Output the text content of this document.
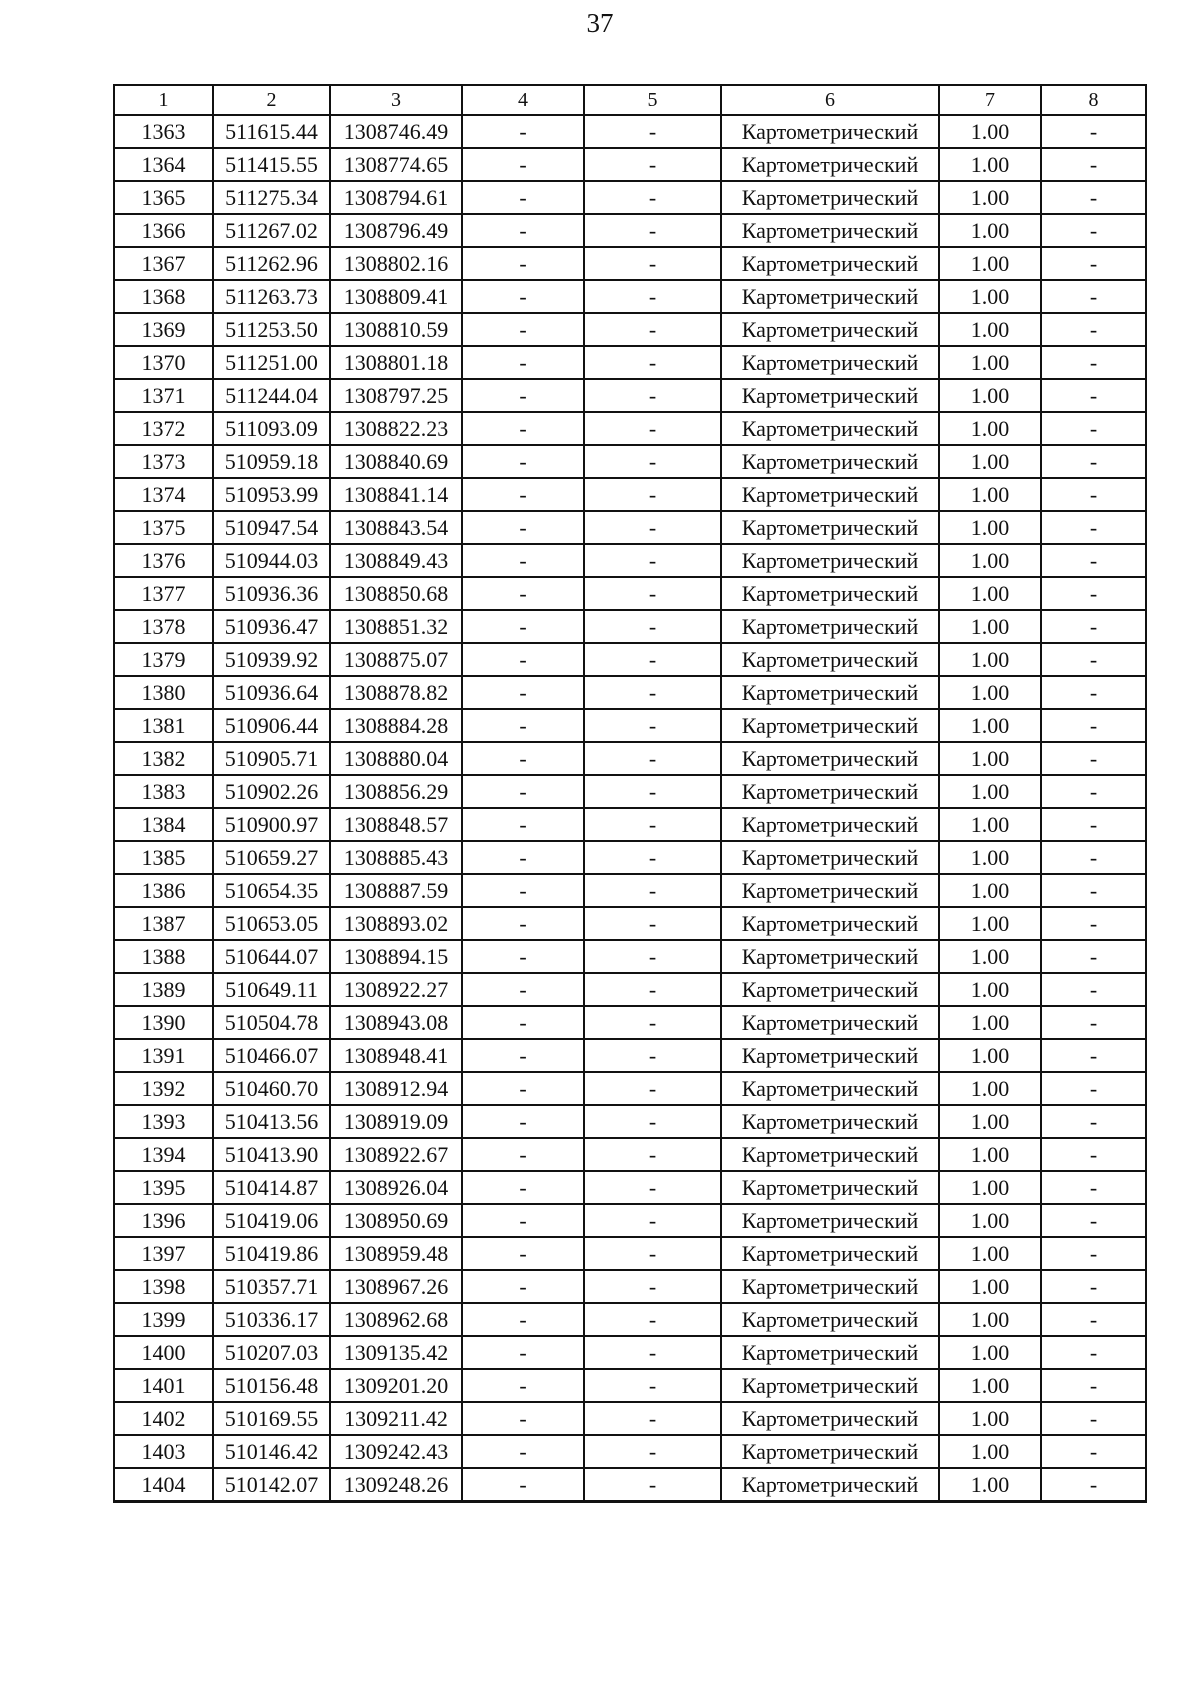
37
1	2	3	4	5	6	7	8
1363	511615.44	1308746.49	-	-	Картометрический	1.00	-
1364	511415.55	1308774.65	-	-	Картометрический	1.00	-
1365	511275.34	1308794.61	-	-	Картометрический	1.00	-
1366	511267.02	1308796.49	-	-	Картометрический	1.00	-
1367	511262.96	1308802.16	-	-	Картометрический	1.00	-
1368	511263.73	1308809.41	-	-	Картометрический	1.00	-
1369	511253.50	1308810.59	-	-	Картометрический	1.00	-
1370	511251.00	1308801.18	-	-	Картометрический	1.00	-
1371	511244.04	1308797.25	-	-	Картометрический	1.00	-
1372	511093.09	1308822.23	-	-	Картометрический	1.00	-
1373	510959.18	1308840.69	-	-	Картометрический	1.00	-
1374	510953.99	1308841.14	-	-	Картометрический	1.00	-
1375	510947.54	1308843.54	-	-	Картометрический	1.00	-
1376	510944.03	1308849.43	-	-	Картометрический	1.00	-
1377	510936.36	1308850.68	-	-	Картометрический	1.00	-
1378	510936.47	1308851.32	-	-	Картометрический	1.00	-
1379	510939.92	1308875.07	-	-	Картометрический	1.00	-
1380	510936.64	1308878.82	-	-	Картометрический	1.00	-
1381	510906.44	1308884.28	-	-	Картометрический	1.00	-
1382	510905.71	1308880.04	-	-	Картометрический	1.00	-
1383	510902.26	1308856.29	-	-	Картометрический	1.00	-
1384	510900.97	1308848.57	-	-	Картометрический	1.00	-
1385	510659.27	1308885.43	-	-	Картометрический	1.00	-
1386	510654.35	1308887.59	-	-	Картометрический	1.00	-
1387	510653.05	1308893.02	-	-	Картометрический	1.00	-
1388	510644.07	1308894.15	-	-	Картометрический	1.00	-
1389	510649.11	1308922.27	-	-	Картометрический	1.00	-
1390	510504.78	1308943.08	-	-	Картометрический	1.00	-
1391	510466.07	1308948.41	-	-	Картометрический	1.00	-
1392	510460.70	1308912.94	-	-	Картометрический	1.00	-
1393	510413.56	1308919.09	-	-	Картометрический	1.00	-
1394	510413.90	1308922.67	-	-	Картометрический	1.00	-
1395	510414.87	1308926.04	-	-	Картометрический	1.00	-
1396	510419.06	1308950.69	-	-	Картометрический	1.00	-
1397	510419.86	1308959.48	-	-	Картометрический	1.00	-
1398	510357.71	1308967.26	-	-	Картометрический	1.00	-
1399	510336.17	1308962.68	-	-	Картометрический	1.00	-
1400	510207.03	1309135.42	-	-	Картометрический	1.00	-
1401	510156.48	1309201.20	-	-	Картометрический	1.00	-
1402	510169.55	1309211.42	-	-	Картометрический	1.00	-
1403	510146.42	1309242.43	-	-	Картометрический	1.00	-
1404	510142.07	1309248.26	-	-	Картометрический	1.00	-
